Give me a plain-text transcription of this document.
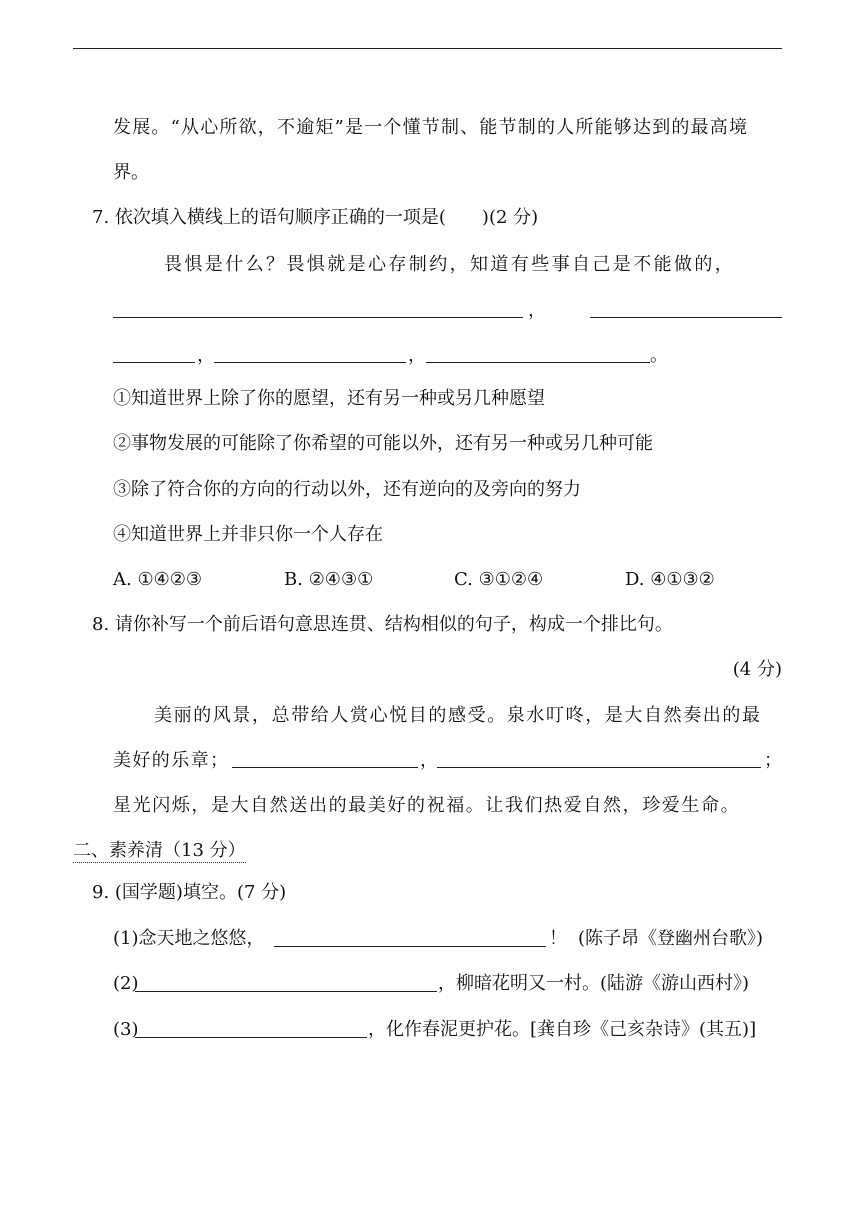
发展。“从心所欲，不逾矩”是一个懂节制、能节制的人所能够达到的最高境
界。
7. 依次填入横线上的语句顺序正确的一项是(　　)(2 分)
畏惧是什么？畏惧就是心存制约，知道有些事自己是不能做的，
，
，	，	。
①知道世界上除了你的愿望，还有另一种或另几种愿望
②事物发展的可能除了你希望的可能以外，还有另一种或另几种可能
③除了符合你的方向的行动以外，还有逆向的及旁向的努力
④知道世界上并非只你一个人存在
A. ①④②③	B. ②④③①	C. ③①②④	D. ④①③②
8. 请你补写一个前后语句意思连贯、结构相似的句子，构成一个排比句。
(4 分)
美丽的风景，总带给人赏心悦目的感受。泉水叮咚，是大自然奏出的最
美好的乐章；	，	；
星光闪烁，是大自然送出的最美好的祝福。让我们热爱自然，珍爱生命。
二、素养清（13 分）
9. (国学题)填空。(7 分)
(1)念天地之悠悠，	！ (陈子昂《登幽州台歌》)
(2)	，柳暗花明又一村。(陆游《游山西村》)
(3)	，化作春泥更护花。[龚自珍《己亥杂诗》(其五)]
